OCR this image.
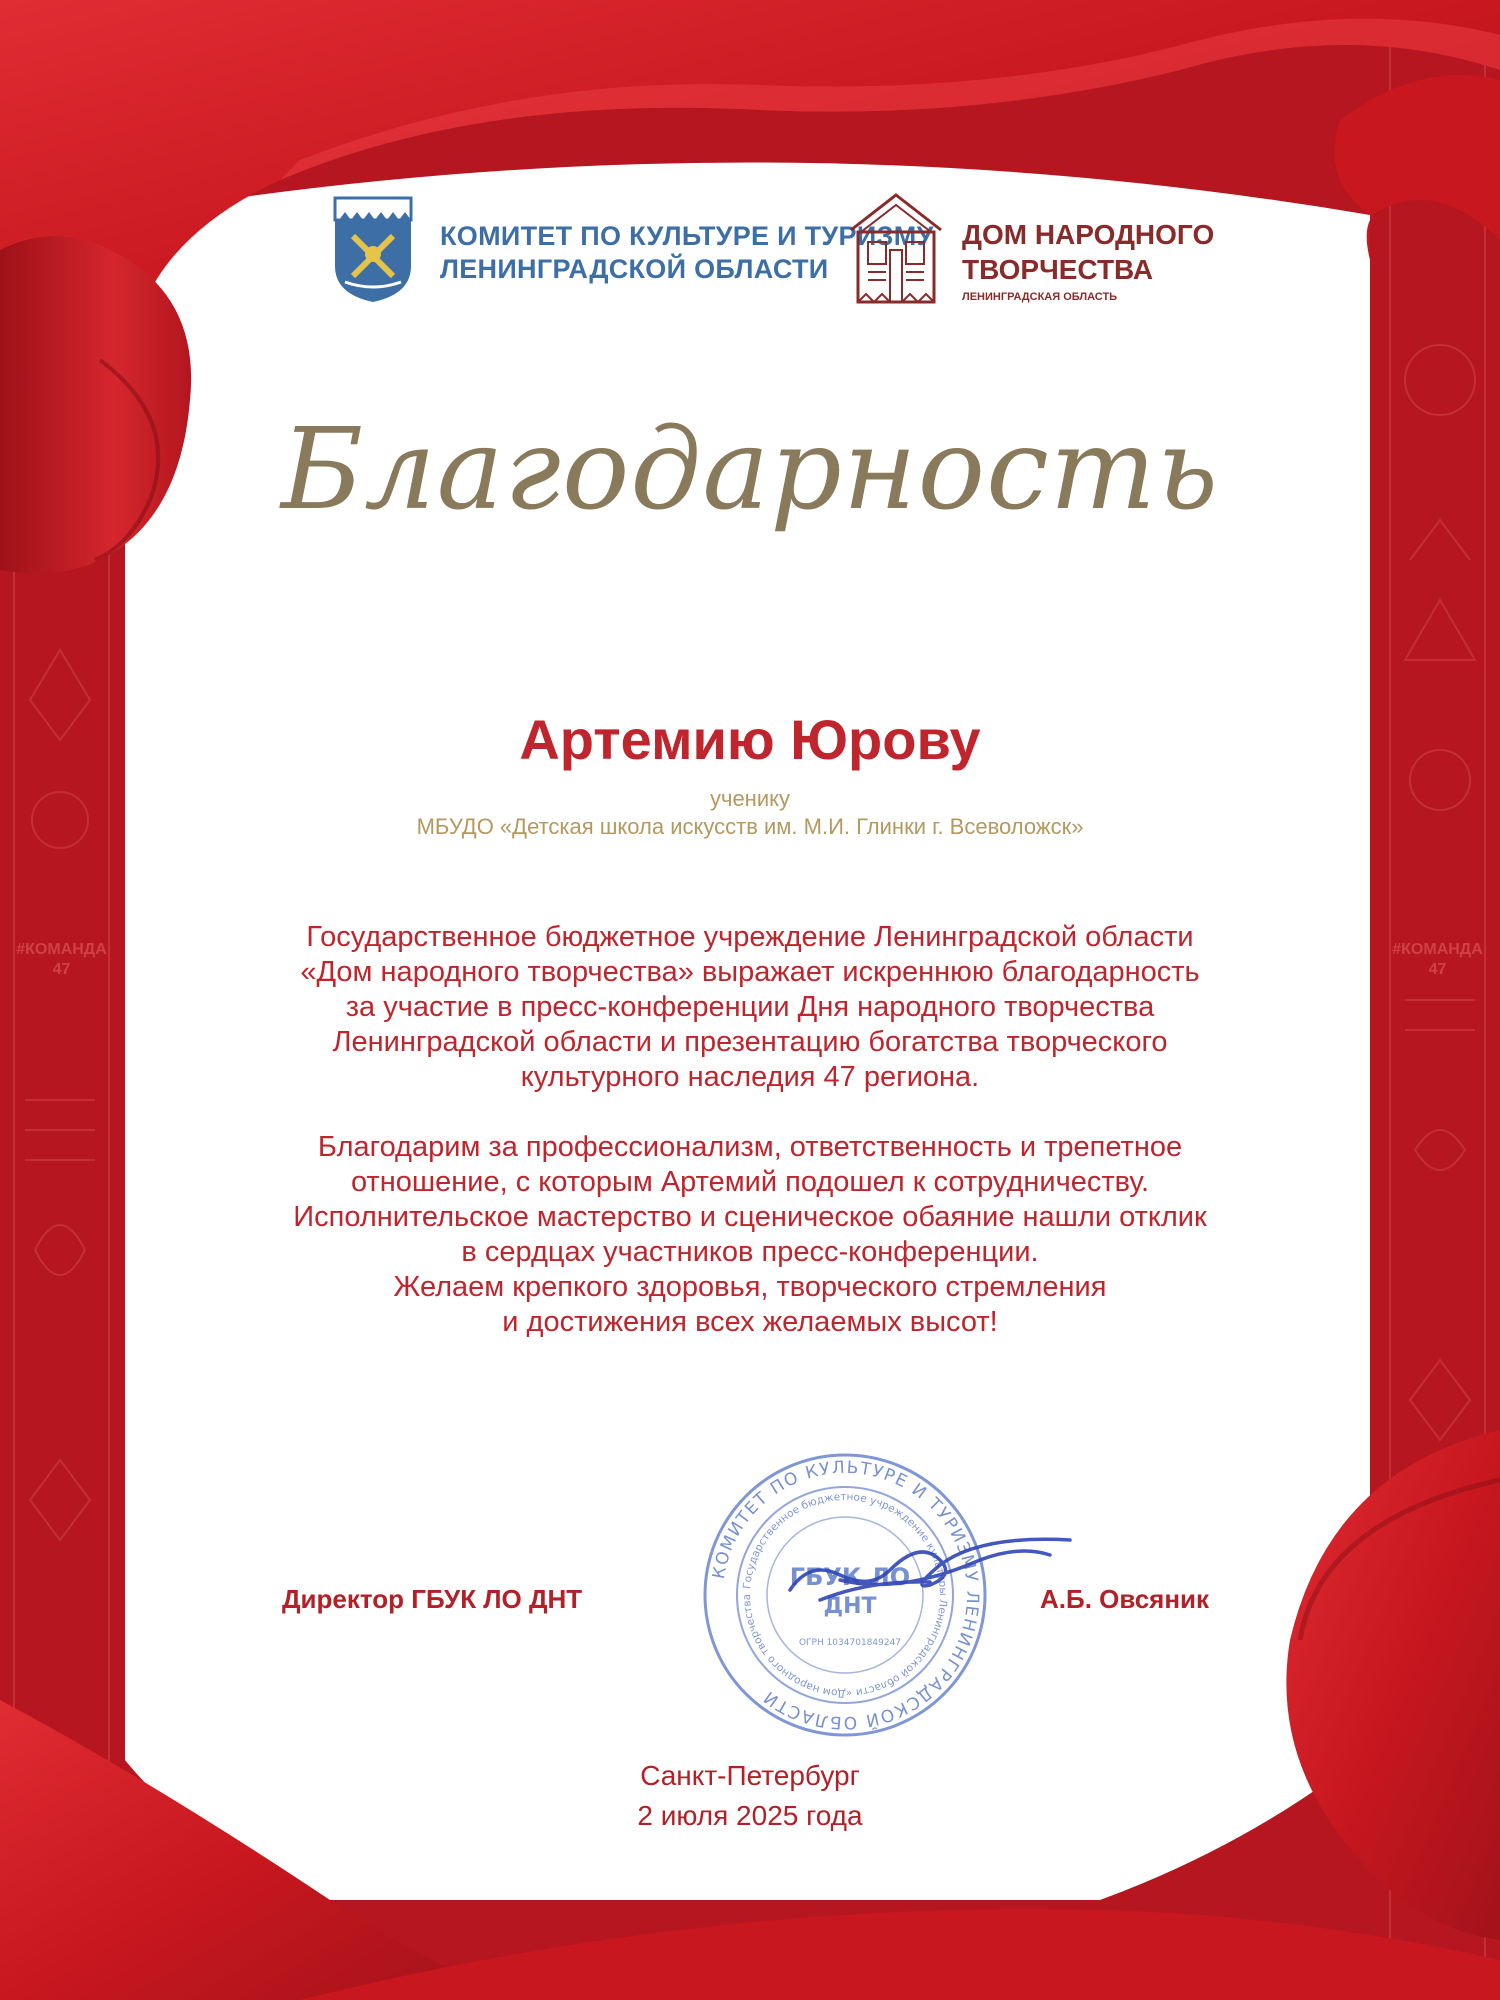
КОМИТЕТ ПО КУЛЬТУРЕ И ТУРИЗМУ
ЛЕНИНГРАДСКОЙ ОБЛАСТИ
ДОМ НАРОДНОГО
ТВОРЧЕСТВА
ЛЕНИНГРАДСКАЯ ОБЛАСТЬ
Благодарность
Артемию Юрову
ученику
МБУДО «Детская школа искусств им. М.И. Глинки г. Всеволожск»
Государственное бюджетное учреждение Ленинградской области
«Дом народного творчества» выражает искреннюю благодарность
за участие в пресс-конференции Дня народного творчества
Ленинградской области и презентацию богатства творческого
культурного наследия 47 региона.
Благодарим за профессионализм, ответственность и трепетное
отношение, с которым Артемий подошел к сотрудничеству.
Исполнительское мастерство и сценическое обаяние нашли отклик
в сердцах участников пресс-конференции.
Желаем крепкого здоровья, творческого стремления
и достижения всех желаемых высот!
КОМИТЕТ ПО КУЛЬТУРЕ И ТУРИЗМУ ЛЕНИНГРАДСКОЙ ОБЛАСТИ
Государственное бюджетное учреждение культуры Ленинградской области «Дом народного творчества
ГБУК ЛО
ДНТ
ОГРН 1034701849247
Директор ГБУК ЛО ДНТ	А.Б. Овсяник
Санкт-Петербург
2 июля 2025 года
#КОМАНДА 47
#КОМАНДА 47
